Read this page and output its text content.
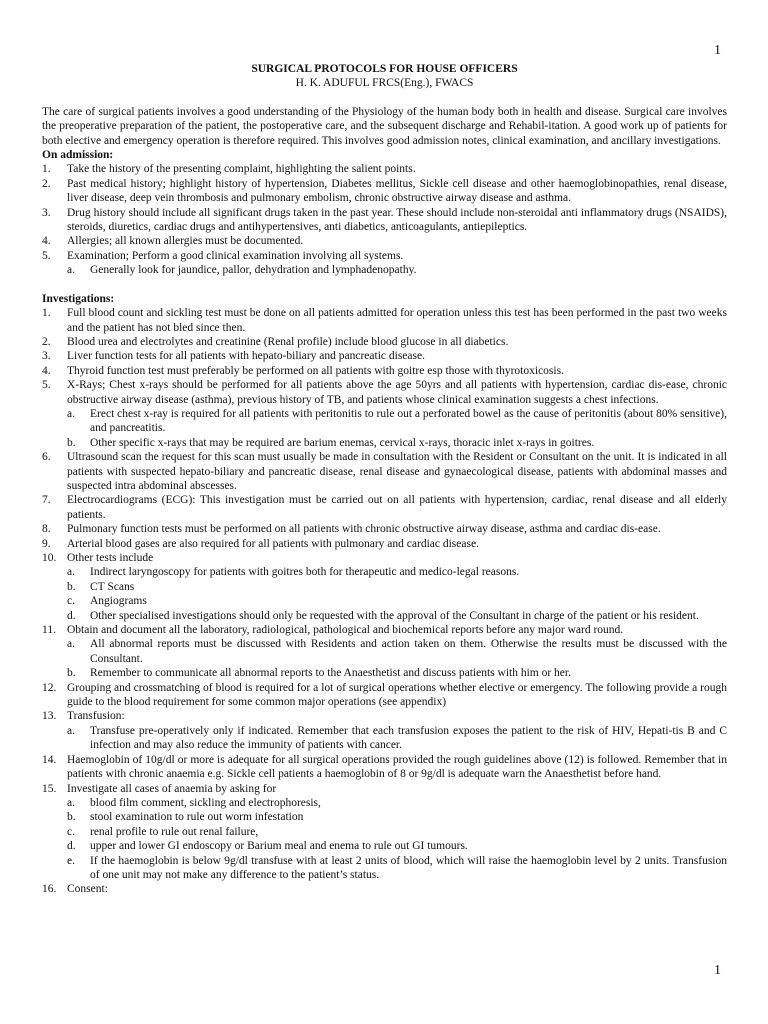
1
SURGICAL PROTOCOLS FOR HOUSE OFFICERS
H. K. ADUFUL FRCS(Eng.), FWACS
The care of surgical patients involves a good understanding of the Physiology of the human body both in health and disease. Surgical care involves the preoperative preparation of the patient, the postoperative care, and the subsequent discharge and Rehabil-itation. A good work up of patients for both elective and emergency operation is therefore required. This involves good admission notes, clinical examination, and ancillary investigations.
On admission:
1. Take the history of the presenting complaint, highlighting the salient points.
2. Past medical history; highlight history of hypertension, Diabetes mellitus, Sickle cell disease and other haemoglobinopathies, renal disease, liver disease, deep vein thrombosis and pulmonary embolism, chronic obstructive airway disease and asthma.
3. Drug history should include all significant drugs taken in the past year. These should include non-steroidal anti inflammatory drugs (NSAIDS), steroids, diuretics, cardiac drugs and antihypertensives, anti diabetics, anticoagulants, antiepileptics.
4. Allergies; all known allergies must be documented.
5. Examination; Perform a good clinical examination involving all systems.
a. Generally look for jaundice, pallor, dehydration and lymphadenopathy.
Investigations:
1. Full blood count and sickling test must be done on all patients admitted for operation unless this test has been performed in the past two weeks and the patient has not bled since then.
2. Blood urea and electrolytes and creatinine (Renal profile) include blood glucose in all diabetics.
3. Liver function tests for all patients with hepato-biliary and pancreatic disease.
4. Thyroid function test must preferably be performed on all patients with goitre esp those with thyrotoxicosis.
5. X-Rays; Chest x-rays should be performed for all patients above the age 50yrs and all patients with hypertension, cardiac dis-ease, chronic obstructive airway disease (asthma), previous history of TB, and patients whose clinical examination suggests a chest infections.
a. Erect chest x-ray is required for all patients with peritonitis to rule out a perforated bowel as the cause of peritonitis (about 80% sensitive), and pancreatitis.
b. Other specific x-rays that may be required are barium enemas, cervical x-rays, thoracic inlet x-rays in goitres.
6. Ultrasound scan the request for this scan must usually be made in consultation with the Resident or Consultant on the unit. It is indicated in all patients with suspected hepato-biliary and pancreatic disease, renal disease and gynaecological disease, patients with abdominal masses and suspected intra abdominal abscesses.
7. Electrocardiograms (ECG): This investigation must be carried out on all patients with hypertension, cardiac, renal disease and all elderly patients.
8. Pulmonary function tests must be performed on all patients with chronic obstructive airway disease, asthma and cardiac dis-ease.
9. Arterial blood gases are also required for all patients with pulmonary and cardiac disease.
10. Other tests include
a. Indirect laryngoscopy for patients with goitres both for therapeutic and medico-legal reasons.
b. CT Scans
c. Angiograms
d. Other specialised investigations should only be requested with the approval of the Consultant in charge of the patient or his resident.
11. Obtain and document all the laboratory, radiological, pathological and biochemical reports before any major ward round.
a. All abnormal reports must be discussed with Residents and action taken on them. Otherwise the results must be discussed with the Consultant.
b. Remember to communicate all abnormal reports to the Anaesthetist and discuss patients with him or her.
12. Grouping and crossmatching of blood is required for a lot of surgical operations whether elective or emergency. The following provide a rough guide to the blood requirement for some common major operations (see appendix)
13. Transfusion:
a. Transfuse pre-operatively only if indicated. Remember that each transfusion exposes the patient to the risk of HIV, Hepati-tis B and C infection and may also reduce the immunity of patients with cancer.
14. Haemoglobin of 10g/dl or more is adequate for all surgical operations provided the rough guidelines above (12) is followed. Remember that in patients with chronic anaemia e.g. Sickle cell patients a haemoglobin of 8 or 9g/dl is adequate warn the Anaesthetist before hand.
15. Investigate all cases of anaemia by asking for
a. blood film comment, sickling and electrophoresis,
b. stool examination to rule out worm infestation
c. renal profile to rule out renal failure,
d. upper and lower GI endoscopy or Barium meal and enema to rule out GI tumours.
e. If the haemoglobin is below 9g/dl transfuse with at least 2 units of blood, which will raise the haemoglobin level by 2 units. Transfusion of one unit may not make any difference to the patient’s status.
16. Consent:
1
